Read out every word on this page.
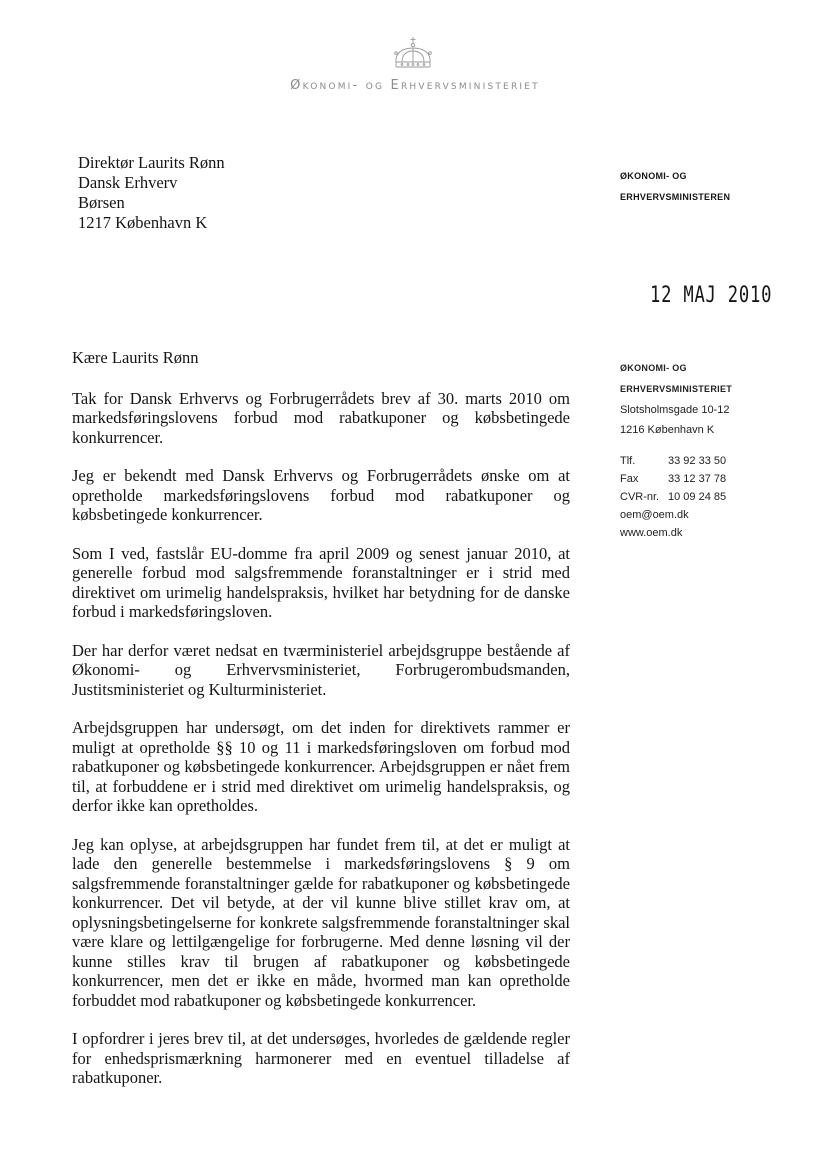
Økonomi- og Erhvervsministeriet
Direktør Laurits Rønn
Dansk Erhverv
Børsen
1217 København K
ØKONOMI- OG
ERHVERVSMINISTEREN
12 MAJ 2010
ØKONOMI- OG
ERHVERVSMINISTERIET
Slotsholmsgade 10-12
1216 København K
Tlf.	33 92 33 50
Fax	33 12 37 78
CVR-nr. 10 09 24 85
oem@oem.dk
www.oem.dk

Kære Laurits Rønn

Tak for Dansk Erhvervs og Forbrugerrådets brev af 30. marts 2010 om markedsføringslovens forbud mod rabatkuponer og købsbetingede konkurrencer.

Jeg er bekendt med Dansk Erhvervs og Forbrugerrådets ønske om at opretholde markedsføringslovens forbud mod rabatkuponer og købsbetingede konkurrencer.

Som I ved, fastslår EU-domme fra april 2009 og senest januar 2010, at generelle forbud mod salgsfremmende foranstaltninger er i strid med direktivet om urimelig handelspraksis, hvilket har betydning for de danske forbud i markedsføringsloven.

Der har derfor været nedsat en tværministeriel arbejdsgruppe bestående af Økonomi- og Erhvervsministeriet, Forbrugerombudsmanden, Justitsministeriet og Kulturministeriet.

Arbejdsgruppen har undersøgt, om det inden for direktivets rammer er muligt at opretholde §§ 10 og 11 i markedsføringsloven om forbud mod rabatkuponer og købsbetingede konkurrencer. Arbejdsgruppen er nået frem til, at forbuddene er i strid med direktivet om urimelig handelspraksis, og derfor ikke kan opretholdes.

Jeg kan oplyse, at arbejdsgruppen har fundet frem til, at det er muligt at lade den generelle bestemmelse i markedsføringslovens § 9 om salgsfremmende foranstaltninger gælde for rabatkuponer og købsbetingede konkurrencer. Det vil betyde, at der vil kunne blive stillet krav om, at oplysningsbetingelserne for konkrete salgsfremmende foranstaltninger skal være klare og lettilgængelige for forbrugerne. Med denne løsning vil der kunne stilles krav til brugen af rabatkuponer og købsbetingede konkurrencer, men det er ikke en måde, hvormed man kan opretholde forbuddet mod rabatkuponer og købsbetingede konkurrencer.

I opfordrer i jeres brev til, at det undersøges, hvorledes de gældende regler for enhedsprismærkning harmonerer med en eventuel tilladelse af rabatkuponer.
